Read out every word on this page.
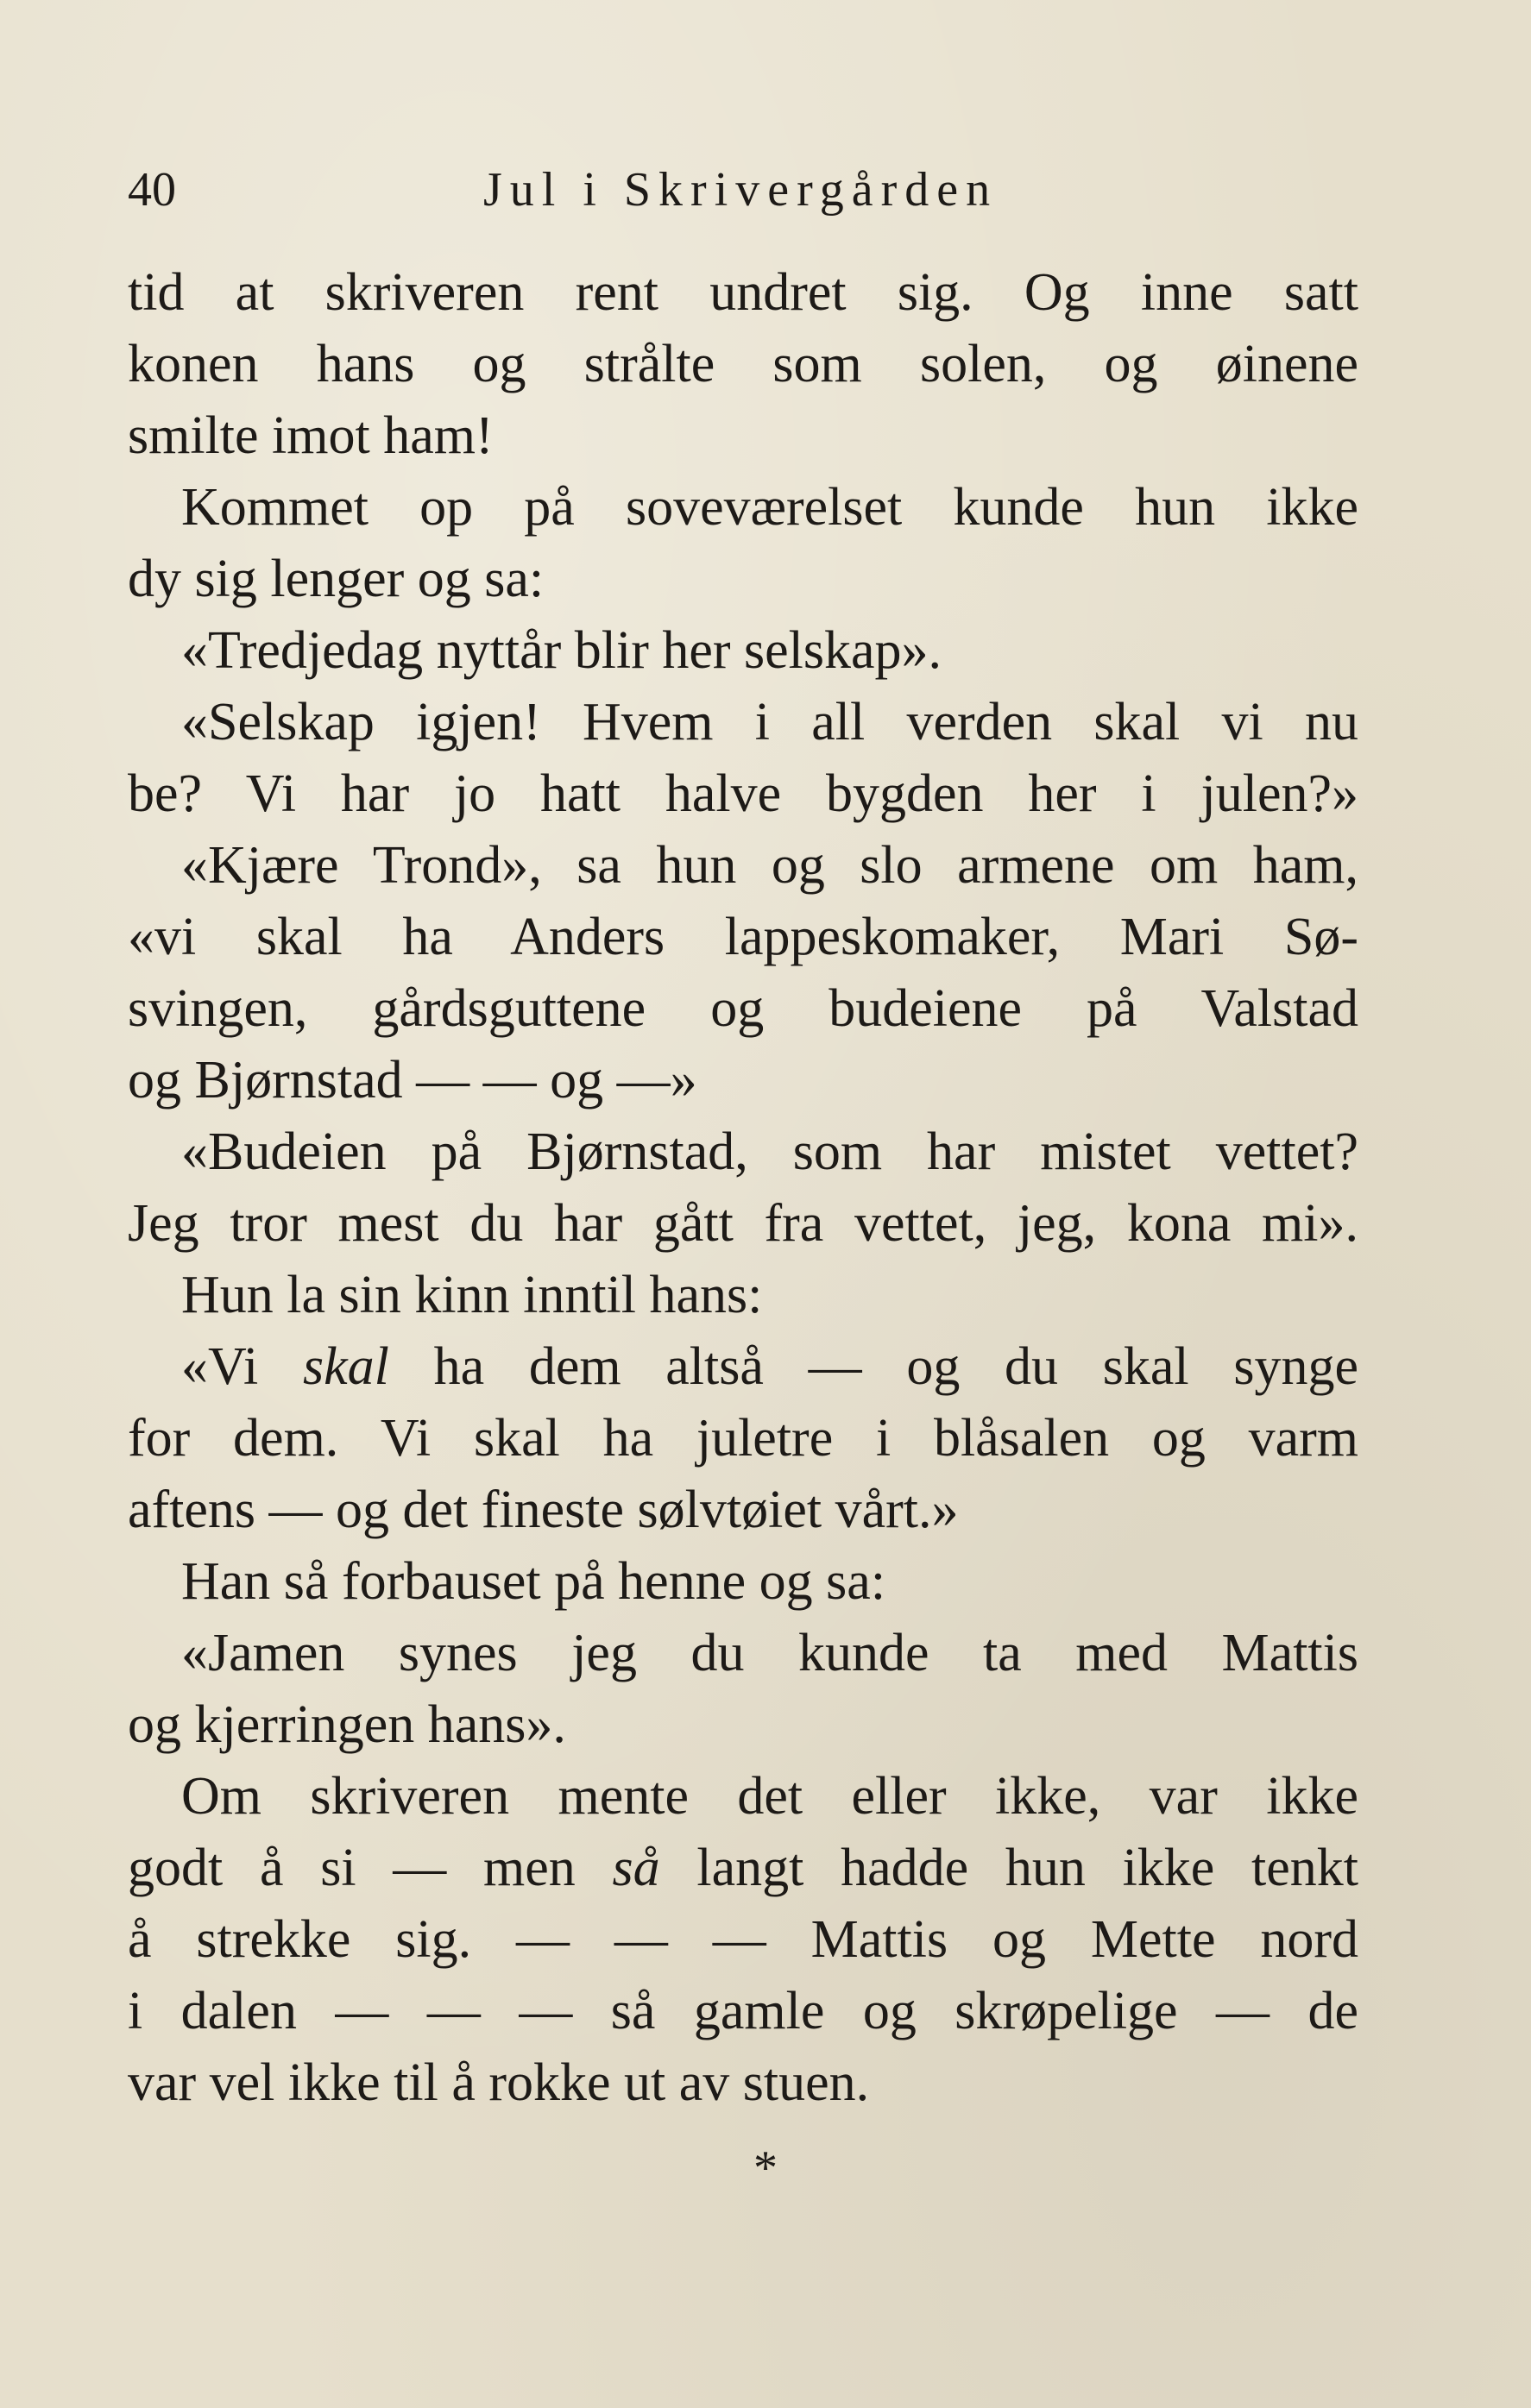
40	Jul i Skrivergården
tid at skriveren rent undret sig. Og inne satt
konen hans og strålte som solen, og øinene
smilte imot ham!
Kommet op på soveværelset kunde hun ikke
dy sig lenger og sa:
«Tredjedag nyttår blir her selskap».
«Selskap igjen! Hvem i all verden skal vi nu
be? Vi har jo hatt halve bygden her i julen?»
«Kjære Trond», sa hun og slo armene om ham,
«vi skal ha Anders lappeskomaker, Mari Sø-
svingen, gårdsguttene og budeiene på Valstad
og Bjørnstad — — og —»
«Budeien på Bjørnstad, som har mistet vettet?
Jeg tror mest du har gått fra vettet, jeg, kona mi».
Hun la sin kinn inntil hans:
«Vi skal ha dem altså — og du skal synge
for dem. Vi skal ha juletre i blåsalen og varm
aftens — og det fineste sølvtøiet vårt.»
Han så forbauset på henne og sa:
«Jamen synes jeg du kunde ta med Mattis
og kjerringen hans».
Om skriveren mente det eller ikke, var ikke
godt å si — men så langt hadde hun ikke tenkt
å strekke sig. — — — Mattis og Mette nord
i dalen — — — så gamle og skrøpelige — de
var vel ikke til å rokke ut av stuen.
*
